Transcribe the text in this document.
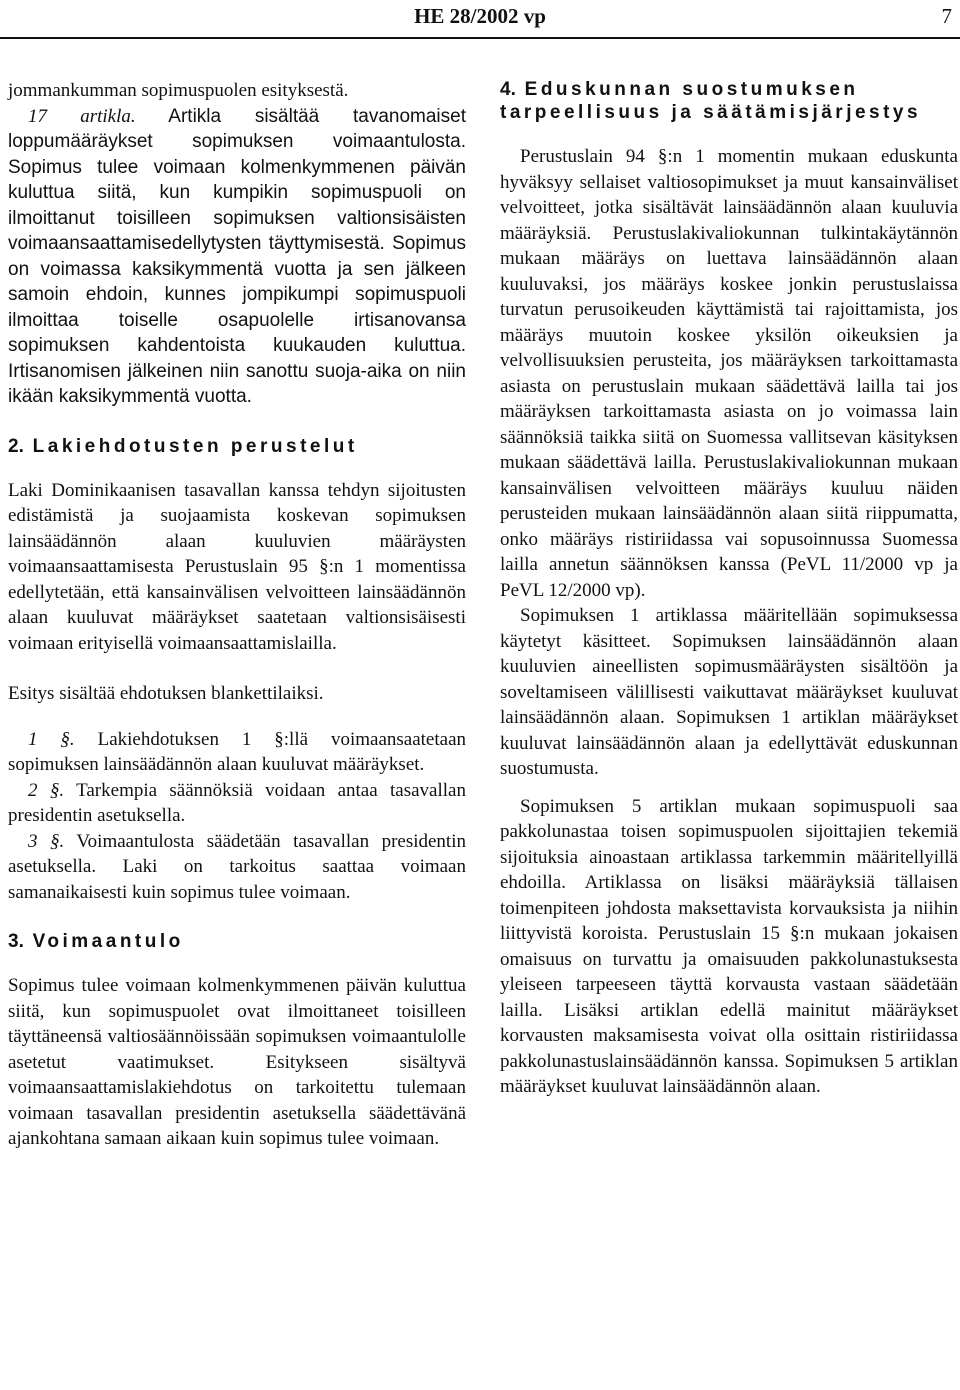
HE 28/2002 vp	7

jommankumman sopimuspuolen esityksestä.

17 artikla. Artikla sisältää tavanomaiset loppumääräykset sopimuksen voimaantulosta. Sopimus tulee voimaan kolmenkymmenen päivän kuluttua siitä, kun kumpikin sopimuspuoli on ilmoittanut toisilleen sopimuksen valtionsisäisten voimaansaattamisedellytysten täyttymisestä. Sopimus on voimassa kaksikymmentä vuotta ja sen jälkeen samoin ehdoin, kunnes jompikumpi sopimuspuoli ilmoittaa toiselle osapuolelle irtisanovansa sopimuksen kahdentoista kuukauden kuluttua. Irtisanomisen jälkeinen niin sanottu suoja-aika on niin ikään kaksikymmentä vuotta.

2. Lakiehdotusten perustelut

Laki Dominikaanisen tasavallan kanssa tehdyn sijoitusten edistämistä ja suojaamista koskevan sopimuksen lainsäädännön alaan kuuluvien määräysten voimaansaattamisesta Perustuslain 95 §:n 1 momentissa edellytetään, että kansainvälisen velvoitteen lainsäädännön alaan kuuluvat määräykset saatetaan valtionsisäisesti voimaan erityisellä voimaansaattamislailla.

Esitys sisältää ehdotuksen blankettilaiksi.

1 §. Lakiehdotuksen 1 §:llä voimaansaatetaan sopimuksen lainsäädännön alaan kuuluvat määräykset.

2 §. Tarkempia säännöksiä voidaan antaa tasavallan presidentin asetuksella.

3 §. Voimaantulosta säädetään tasavallan presidentin asetuksella. Laki on tarkoitus saattaa voimaan samanaikaisesti kuin sopimus tulee voimaan.

3. Voimaantulo

Sopimus tulee voimaan kolmenkymmenen päivän kuluttua siitä, kun sopimuspuolet ovat ilmoittaneet toisilleen täyttäneensä valtiosäännöissään sopimuksen voimaantulolle asetetut vaatimukset. Esitykseen sisältyvä voimaansaattamislakiehdotus on tarkoitettu tulemaan voimaan tasavallan presidentin asetuksella säädettävänä ajankohtana samaan aikaan kuin sopimus tulee voimaan.

4. Eduskunnan suostumuksen tarpeellisuus ja säätämisjärjestys

Perustuslain 94 §:n 1 momentin mukaan eduskunta hyväksyy sellaiset valtiosopimukset ja muut kansainväliset velvoitteet, jotka sisältävät lainsäädännön alaan kuuluvia määräyksiä. Perustuslakivaliokunnan tulkintakäytännön mukaan määräys on luettava lainsäädännön alaan kuuluvaksi, jos määräys koskee jonkin perustuslaissa turvatun perusoikeuden käyttämistä tai rajoittamista, jos määräys muutoin koskee yksilön oikeuksien ja velvollisuuksien perusteita, jos määräyksen tarkoittamasta asiasta on perustuslain mukaan säädettävä lailla tai jos määräyksen tarkoittamasta asiasta on jo voimassa lain säännöksiä taikka siitä on Suomessa vallitsevan käsityksen mukaan säädettävä lailla. Perustuslakivaliokunnan mukaan kansainvälisen velvoitteen määräys kuuluu näiden perusteiden mukaan lainsäädännön alaan siitä riippumatta, onko määräys ristiriidassa vai sopusoinnussa Suomessa lailla annetun säännöksen kanssa (PeVL 11/2000 vp ja PeVL 12/2000 vp).

Sopimuksen 1 artiklassa määritellään sopimuksessa käytetyt käsitteet. Sopimuksen lainsäädännön alaan kuuluvien aineellisten sopimusmääräysten sisältöön ja soveltamiseen välillisesti vaikuttavat määräykset kuuluvat lainsäädännön alaan. Sopimuksen 1 artiklan määräykset kuuluvat lainsäädännön alaan ja edellyttävät eduskunnan suostumusta.

Sopimuksen 5 artiklan mukaan sopimuspuoli saa pakkolunastaa toisen sopimuspuolen sijoittajien tekemiä sijoituksia ainoastaan artiklassa tarkemmin määritellyillä ehdoilla. Artiklassa on lisäksi määräyksiä tällaisen toimenpiteen johdosta maksettavista korvauksista ja niihin liittyvistä koroista. Perustuslain 15 §:n mukaan jokaisen omaisuus on turvattu ja omaisuuden pakkolunastuksesta yleiseen tarpeeseen täyttä korvausta vastaan säädetään lailla. Lisäksi artiklan edellä mainitut määräykset korvausten maksamisesta voivat olla osittain ristiriidassa pakkolunastuslainsäädännön kanssa. Sopimuksen 5 artiklan määräykset kuuluvat lainsäädännön alaan.
